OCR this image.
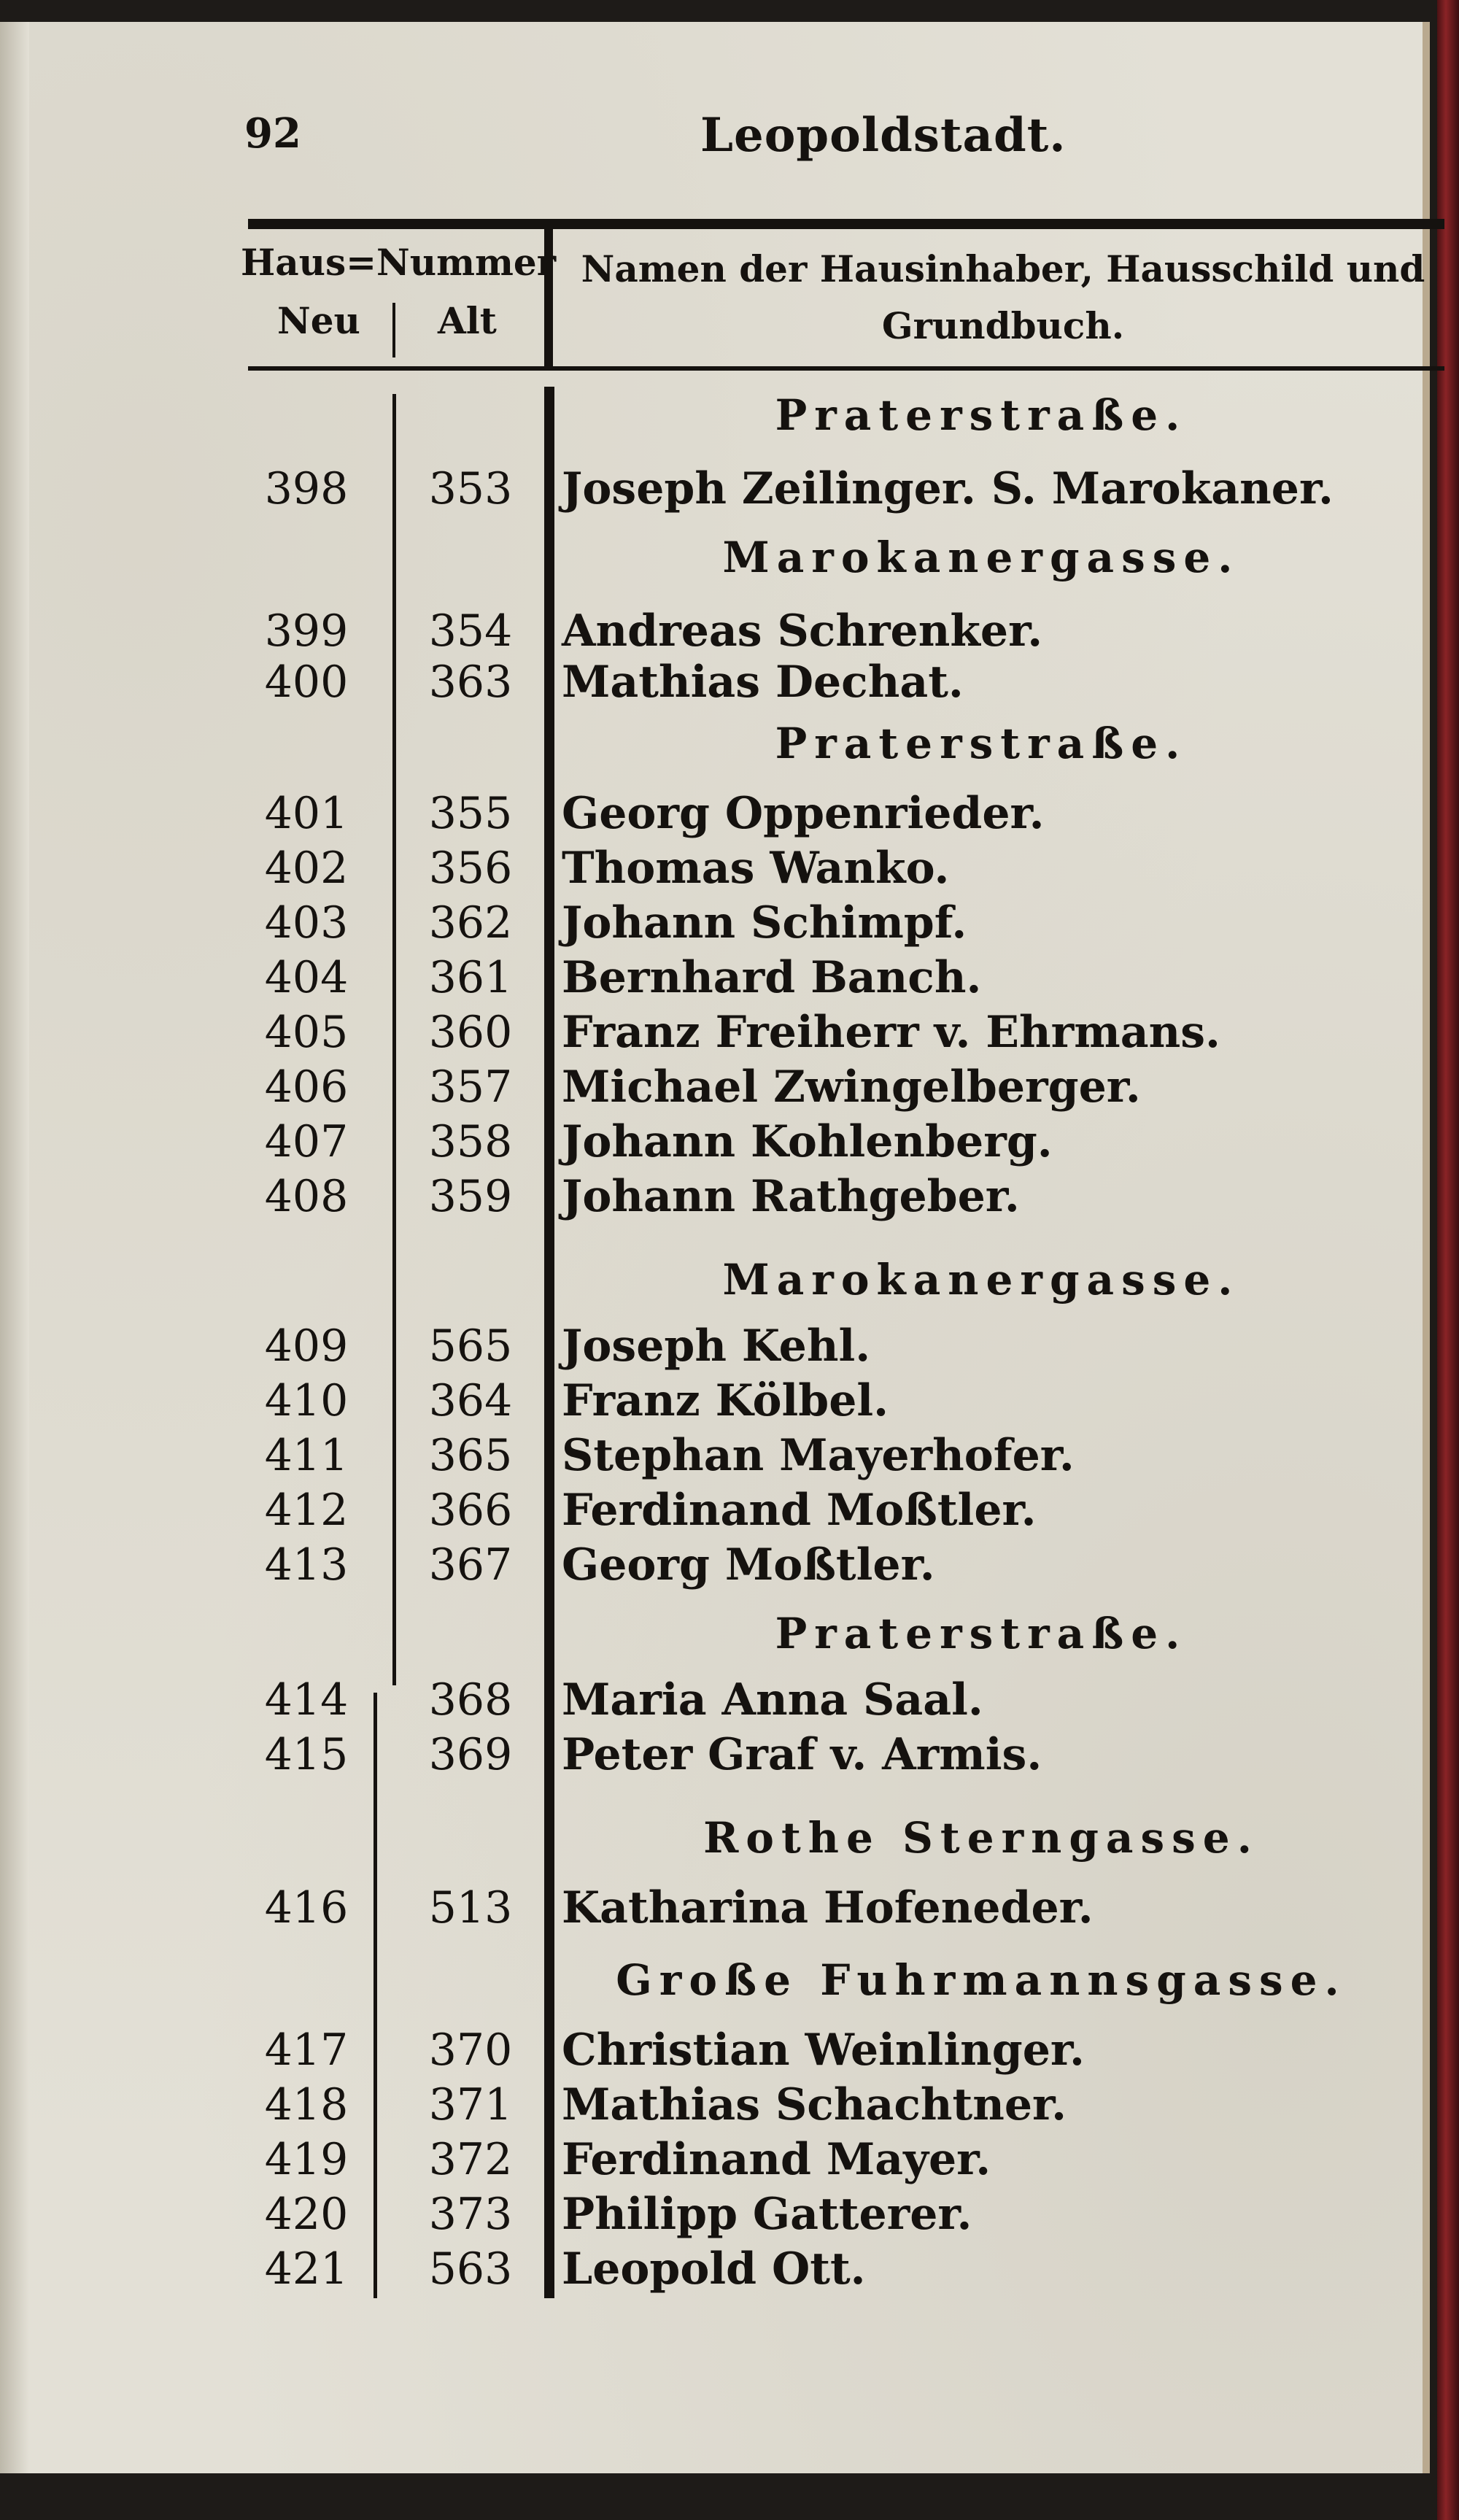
92	Leopoldstadt.
Haus=Nummer
Neu Alt
Namen der Hausinhaber, Hausschild und Grundbuch.
Praterstraße.
398	353	Joseph Zeilinger. S. Marokaner.
Marokanergasse.
399	354	Andreas Schrenker.
400	363	Mathias Dechat.
Praterstraße.
401	355	Georg Oppenrieder.
402	356	Thomas Wanko.
403	362	Johann Schimpf.
404	361	Bernhard Banch.
405	360	Franz Freiherr v. Ehrmans.
406	357	Michael Zwingelberger.
407	358	Johann Kohlenberg.
408	359	Johann Rathgeber.
Marokanergasse.
409	565	Joseph Kehl.
410	364	Franz Kölbel.
411	365	Stephan Mayerhofer.
412	366	Ferdinand Moßtler.
413	367	Georg Moßtler.
Praterstraße.
414	368	Maria Anna Saal.
415	369	Peter Graf v. Armis.
Rothe Sterngasse.
416	513	Katharina Hofeneder.
Große Fuhrmannsgasse.
417	370	Christian Weinlinger.
418	371	Mathias Schachtner.
419	372	Ferdinand Mayer.
420	373	Philipp Gatterer.
421	563	Leopold Ott.
